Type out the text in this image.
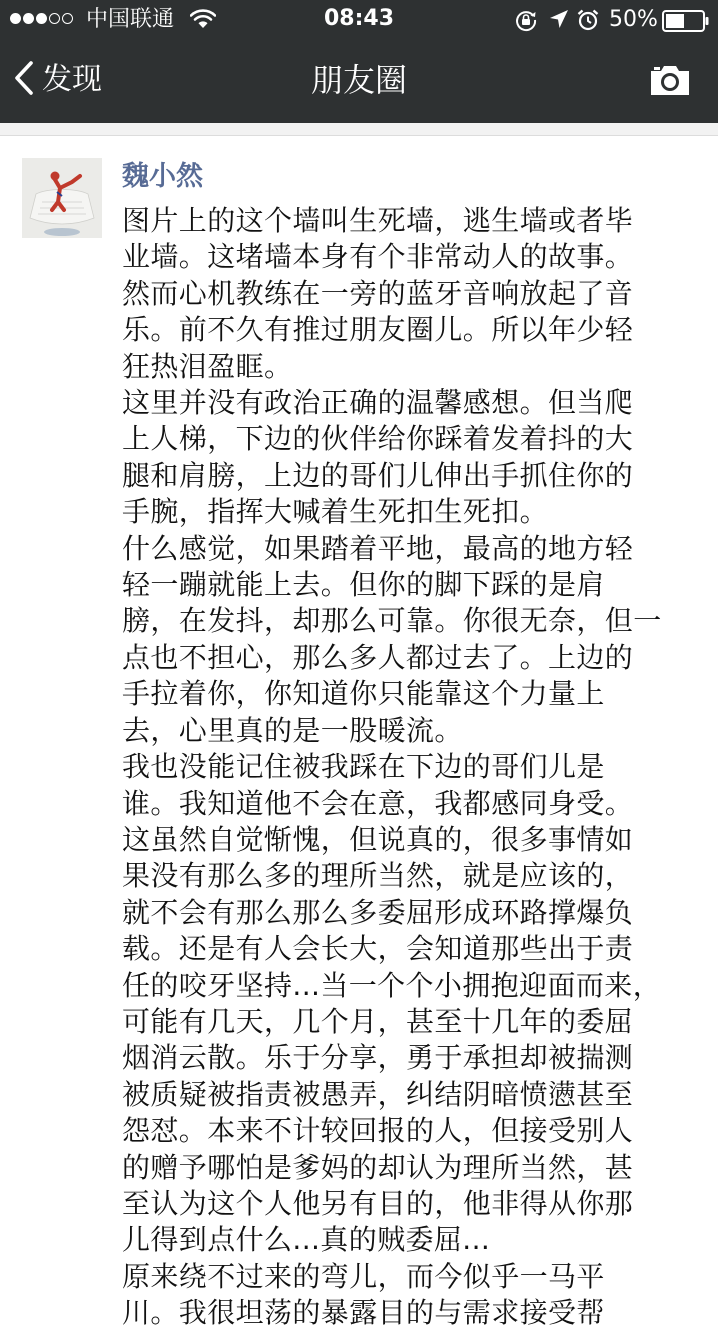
中国联通	08:43	50%
发现	朋友圈
魏小然

图片上的这个墙叫生死墙，逃生墙或者毕

业墙。这堵墙本身有个非常动人的故事。

然而心机教练在一旁的蓝牙音响放起了音

乐。前不久有推过朋友圈儿。所以年少轻

狂热泪盈眶。

这里并没有政治正确的温馨感想。但当爬

上人梯，下边的伙伴给你踩着发着抖的大

腿和肩膀，上边的哥们儿伸出手抓住你的

手腕，指挥大喊着生死扣生死扣。

什么感觉，如果踏着平地，最高的地方轻

轻一蹦就能上去。但你的脚下踩的是肩

膀，在发抖，却那么可靠。你很无奈，但一

点也不担心，那么多人都过去了。上边的

手拉着你，你知道你只能靠这个力量上

去，心里真的是一股暖流。

我也没能记住被我踩在下边的哥们儿是

谁。我知道他不会在意，我都感同身受。

这虽然自觉惭愧，但说真的，很多事情如

果没有那么多的理所当然，就是应该的，

就不会有那么那么多委屈形成环路撑爆负

载。还是有人会长大，会知道那些出于责

任的咬牙坚持...当一个个小拥抱迎面而来，

可能有几天，几个月，甚至十几年的委屈

烟消云散。乐于分享，勇于承担却被揣测

被质疑被指责被愚弄，纠结阴暗愤懑甚至

怨怼。本来不计较回报的人，但接受别人

的赠予哪怕是爹妈的却认为理所当然，甚

至认为这个人他另有目的，他非得从你那

儿得到点什么...真的贼委屈...

原来绕不过来的弯儿，而今似乎一马平

川。我很坦荡的暴露目的与需求接受帮
